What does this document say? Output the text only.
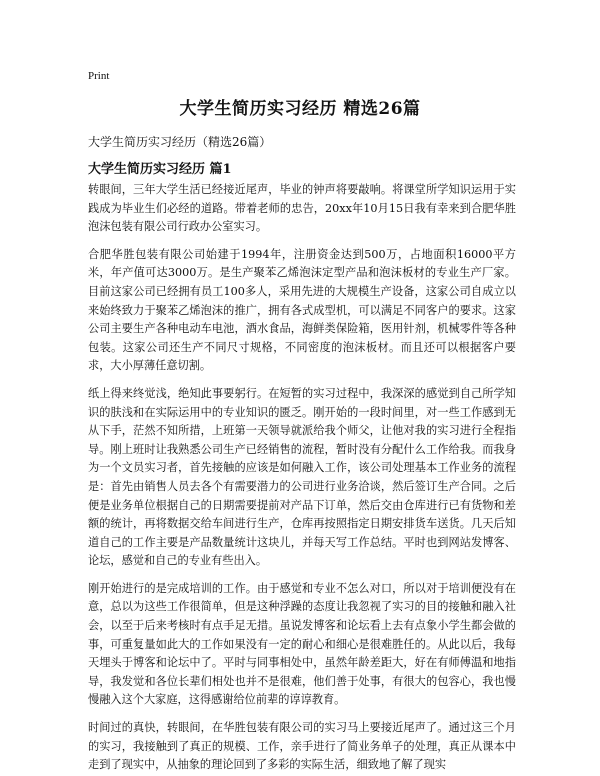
Print
大学生简历实习经历 精选26篇
大学生简历实习经历（精选26篇）
大学生简历实习经历 篇1

转眼间，三年大学生活已经接近尾声，毕业的钟声将要敲响。将课堂所学知识运用于实践成为毕业生们必经的道路。带着老师的忠告，20xx年10月15日我有幸来到合肥华胜泡沫包装有限公司行政办公室实习。

合肥华胜包装有限公司始建于1994年，注册资金达到500万，占地面积16000平方米，年产值可达3000万。是生产聚苯乙烯泡沫定型产品和泡沫板材的专业生产厂家。目前这家公司已经拥有员工100多人，采用先进的大规模生产设备，这家公司自成立以来始终致力于聚苯乙烯泡沫的推广，拥有各式成型机，可以满足不同客户的要求。这家公司主要生产各种电动车电池，酒水食品，海鲜类保险箱，医用针剂，机械零件等各种包装。这家公司还生产不同尺寸规格，不同密度的泡沫板材。而且还可以根据客户要求，大小厚薄任意切割。

纸上得来终觉浅，绝知此事要躬行。在短暂的实习过程中，我深深的感觉到自己所学知识的肤浅和在实际运用中的专业知识的匮乏。刚开始的一段时间里，对一些工作感到无从下手，茫然不知所措，上班第一天领导就派给我个师父，让他对我的实习进行全程指导。刚上班时让我熟悉公司生产已经销售的流程，暂时没有分配什么工作给我。而我身为一个文员实习者，首先接触的应该是如何融入工作，该公司处理基本工作业务的流程是：首先由销售人员去各个有需要潜力的公司进行业务洽谈，然后签订生产合同。之后便是业务单位根据自己的日期需要提前对产品下订单，然后交由仓库进行已有货物和差额的统计，再将数据交给车间进行生产，仓库再按照指定日期安排货车送货。几天后知道自己的工作主要是产品数量统计这块儿，并每天写工作总结。平时也到网站发博客、论坛，感觉和自己的专业有些出入。

刚开始进行的是完成培训的工作。由于感觉和专业不怎么对口，所以对于培训便没有在意，总以为这些工作很简单，但是这种浮躁的态度让我忽视了实习的目的接触和融入社会，以至于后来考核时有点手足无措。虽说发博客和论坛看上去有点象小学生都会做的事，可重复量如此大的工作如果没有一定的耐心和细心是很难胜任的。从此以后，我每天埋头于博客和论坛中了。平时与同事相处中，虽然年龄差距大，好在有师傅温和地指导，我发觉和各位长辈们相处也并不是很难，他们善于处事，有很大的包容心，我也慢慢融入这个大家庭，这得感谢给位前辈的谆谆教育。

时间过的真快，转眼间，在华胜包装有限公司的实习马上要接近尾声了。通过这三个月的实习，我接触到了真正的规模、工作，亲手进行了简业务单子的处理，真正从课本中走到了现实中，从抽象的理论回到了多彩的实际生活，细致地了解了现实
